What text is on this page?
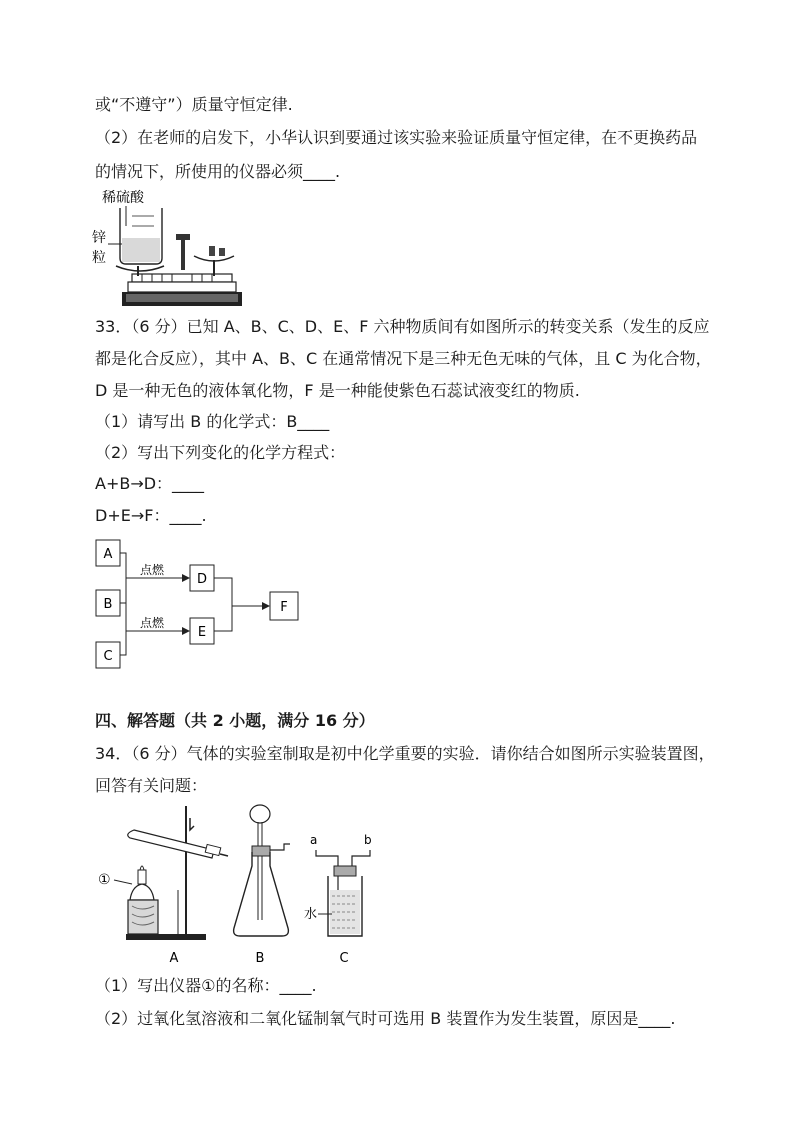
或“不遵守”）质量守恒定律.
（2）在老师的启发下，小华认识到要通过该实验来验证质量守恒定律，在不更换药品
的情况下，所使用的仪器必须____.
稀硫酸
锌
粒
33．（6 分）已知 A、B、C、D、E、F 六种物质间有如图所示的转变关系（发生的反应
都是化合反应），其中 A、B、C 在通常情况下是三种无色无味的气体，且 C 为化合物，
D 是一种无色的液体氧化物，F 是一种能使紫色石蕊试液变红的物质.
（1）请写出 B 的化学式：B____
（2）写出下列变化的化学方程式：
A+B→D：____
D+E→F：____.
A
B
C
D
E
F
点燃
点燃
四、解答题（共 2 小题，满分 16 分）
34．（6 分）气体的实验室制取是初中化学重要的实验．请你结合如图所示实验装置图，
回答有关问题：
①
A	B
a	b
水
C
（1）写出仪器①的名称：____.
（2）过氧化氢溶液和二氧化锰制氧气时可选用 B 装置作为发生装置，原因是____.
